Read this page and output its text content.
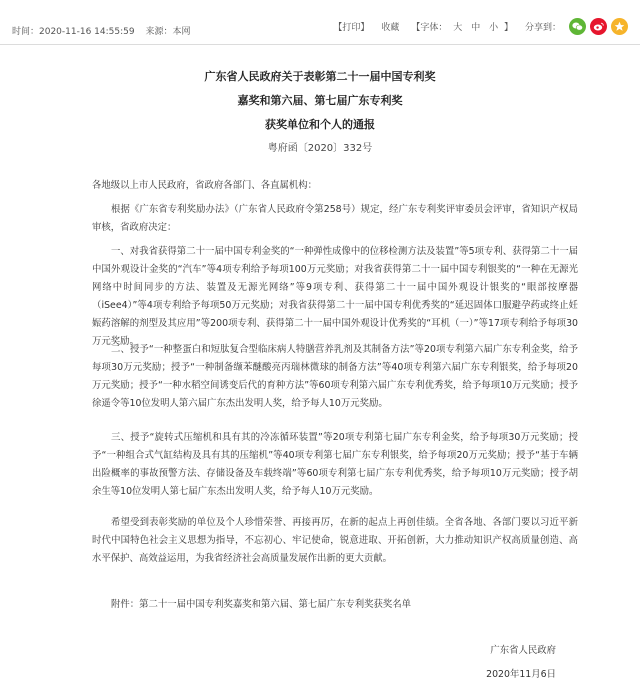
时间：2020-11-16 14:55:59 来源：本网	【打印】 收藏 【字体： 大 中 小 】 分享到：
广东省人民政府关于表彰第二十一届中国专利奖
嘉奖和第六届、第七届广东专利奖
获奖单位和个人的通报
粤府函〔2020〕332号
各地级以上市人民政府，省政府各部门、各直属机构：
根据《广东省专利奖励办法》（广东省人民政府令第258号）规定，经广东专利奖评审委员会评审，省知识产权局审核，省政府决定：
一、对我省获得第二十一届中国专利金奖的“一种弹性成像中的位移检测方法及装置”等5项专利、获得第二十一届中国外观设计金奖的“汽车”等4项专利给予每项100万元奖励；对我省获得第二十一届中国专利银奖的“一种在无源光网络中时间同步的方法、装置及无源光网络”等9项专利、获得第二十一届中国外观设计银奖的“眼部按摩器（iSee4）”等4项专利给予每项50万元奖励；对我省获得第二十一届中国专利优秀奖的“延迟固体口服避孕药或终止妊娠药溶解的剂型及其应用”等200项专利、获得第二十一届中国外观设计优秀奖的“耳机（一）”等17项专利给予每项30万元奖励。
二、授予“一种整蛋白和短肽复合型临床病人特膳营养乳剂及其制备方法”等20项专利第六届广东专利金奖，给予每项30万元奖励；授予“一种制备缬苯醚酸亮丙瑞林微球的制备方法”等40项专利第六届广东专利银奖，给予每项20万元奖励；授予“一种水稻空间诱变后代的育种方法”等60项专利第六届广东专利优秀奖，给予每项10万元奖励；授予徐遥令等10位发明人第六届广东杰出发明人奖，给予每人10万元奖励。
三、授予“旋转式压缩机和具有其的冷冻循环装置”等20项专利第七届广东专利金奖，给予每项30万元奖励；授予“一种组合式气缸结构及具有其的压缩机”等40项专利第七届广东专利银奖，给予每项20万元奖励；授予“基于车辆出险概率的事故预警方法、存储设备及车载终端”等60项专利第七届广东专利优秀奖，给予每项10万元奖励；授予胡余生等10位发明人第七届广东杰出发明人奖，给予每人10万元奖励。
希望受到表彰奖励的单位及个人珍惜荣誉、再接再厉，在新的起点上再创佳绩。全省各地、各部门要以习近平新时代中国特色社会主义思想为指导，不忘初心、牢记使命，锐意进取、开拓创新，大力推动知识产权高质量创造、高水平保护、高效益运用，为我省经济社会高质量发展作出新的更大贡献。
附件：第二十一届中国专利奖嘉奖和第六届、第七届广东专利奖获奖名单
广东省人民政府
2020年11月6日
